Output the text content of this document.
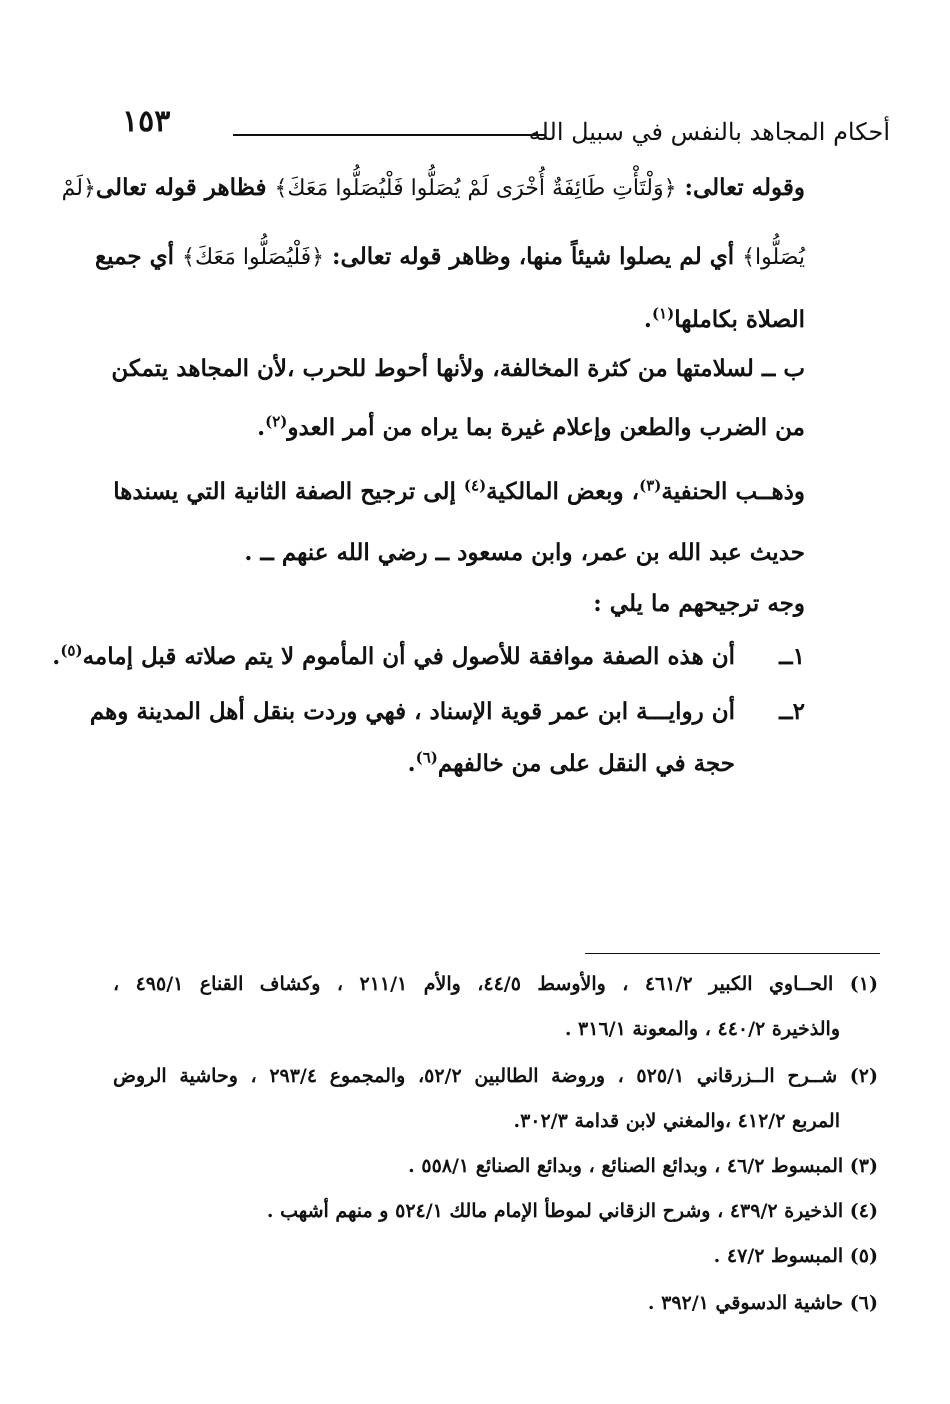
أحكام المجاهد بالنفس في سبيل الله
١٥٣
وقوله تعالى: ﴿وَلْتَأْتِ طَائِفَةٌ أُخْرَى لَمْ يُصَلُّوا فَلْيُصَلُّوا مَعَكَ﴾ فظاهر قوله تعالى﴿لَمْ
يُصَلُّوا﴾ أي لم يصلوا شيئاً منها، وظاهر قوله تعالى: ﴿فَلْيُصَلُّوا مَعَكَ﴾ أي جميع
الصلاة بكاملها$^{(١)}$.
ب ــ لسلامتها من كثرة المخالفة، ولأنها أحوط للحرب ،لأن المجاهد يتمكن
من الضرب والطعن وإعلام غيرة بما يراه من أمر العدو$^{(٢)}$.
وذهــب الحنفية$^{(٣)}$، وبعض المالكية$^{(٤)}$ إلى ترجيح الصفة الثانية التي يسندها
حديث عبد الله بن عمر، وابن مسعود ــ رضي الله عنهم ــ .
وجه ترجيحهم ما يلي :
١ــ
أن هذه الصفة موافقة للأصول في أن المأموم لا يتم صلاته قبل إمامه$^{(٥)}$.
٢ــ
أن روايـــة ابن عمر قوية الإسناد ، فهي وردت بنقل أهل المدينة وهم
حجة في النقل على من خالفهم$^{(٦)}$.
(١) الحــاوي الكبير ٤٦١/٢ ، والأوسط ٤٤/٥، والأم ٢١١/١ ، وكشاف القناع ٤٩٥/١ ،
والذخيرة ٤٤٠/٢ ، والمعونة ٣١٦/١ .
(٢) شــرح الــزرقاني ٥٢٥/١ ، وروضة الطالبين ٥٢/٢، والمجموع ٢٩٣/٤ ، وحاشية الروض
المربع ٤١٢/٢ ،والمغني لابن قدامة ٣٠٢/٣.
(٣) المبسوط ٤٦/٢ ، وبدائع الصنائع ، وبدائع الصنائع ٥٥٨/١ .
(٤) الذخيرة ٤٣٩/٢ ، وشرح الزقاني لموطأ الإمام مالك ٥٢٤/١ و منهم أشهب .
(٥) المبسوط ٤٧/٢ .
(٦) حاشية الدسوقي ٣٩٢/١ .
